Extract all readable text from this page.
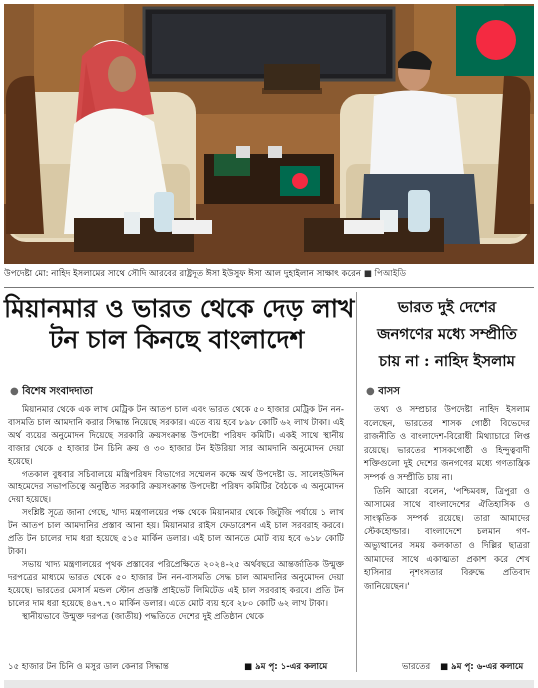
উপদেষ্টা মো: নাহিদ ইসলামের সাথে সৌদি আরবের রাষ্ট্রদূত ঈসা ইউসুফ ঈসা আল দুহাইলান সাক্ষাৎ করেন ■ পিআইডি
মিয়ানমার ও ভারত থেকে দেড় লাখ
টন চাল কিনছে বাংলাদেশ
● বিশেষ সংবাদদাতা

মিয়ানমার থেকে এক লাখ মেট্রিক টন আতপ চাল এবং ভারত থেকে ৫০ হাজার মেট্রিক টন নন-বাসমতি চাল আমদানি করার সিদ্ধান্ত নিয়েছে সরকার। এতে ব্যয় হবে ৮৯৮ কোটি ৬২ লাখ টাকা। এই অর্থ ব্যয়ের অনুমোদন দিয়েছে সরকারি ক্রয়সংক্রান্ত উপদেষ্টা পরিষদ কমিটি। একই সাথে স্থানীয় বাজার থেকে ৫ হাজার টন চিনি ক্রয় ও ৩০ হাজার টন ইউরিয়া সার আমদানি অনুমোদন দেয়া হয়েছে।

গতকাল বুধবার সচিবালয়ে মন্ত্রিপরিষদ বিভাগের সম্মেলন কক্ষে অর্থ উপদেষ্টা ড. সালেহউদ্দিন আহমেদের সভাপতিত্বে অনুষ্ঠিত সরকারি ক্রয়সংক্রান্ত উপদেষ্টা পরিষদ কমিটির বৈঠকে এ অনুমোদন দেয়া হয়েছে।

সংশ্লিষ্ট সূত্রে জানা গেছে, খাদ্য মন্ত্রণালয়ের পক্ষ থেকে মিয়ানমার থেকে জিটুজি পর্যায়ে ১ লাখ টন আতপ চাল আমদানির প্রস্তাব আনা হয়। মিয়ানমার রাইস ফেডারেশন এই চাল সরবরাহ করবে। প্রতি টন চালের দাম ধরা হয়েছে ৫১৫ মার্কিন ডলার। এই চাল আনতে মোট ব্যয় হবে ৬১৮ কোটি টাকা।

সভায় খাদ্য মন্ত্রণালয়ের পৃথক প্রস্তাবের পরিপ্রেক্ষিতে ২০২৪-২৫ অর্থবছরে আন্তর্জাতিক উন্মুক্ত দরপত্রের মাধ্যমে ভারত থেকে ৫০ হাজার টন নন-বাসমতি সেদ্ধ চাল আমদানির অনুমোদন দেয়া হয়েছে। ভারতের মেসার্স মন্ডল স্টোন প্রডাক্ট প্রাইভেট লিমিটেড এই চাল সরবরাহ করবে। প্রতি টন চালের দাম ধরা হয়েছে ৪৬৭.৭০ মার্কিন ডলার। এতে মোট ব্যয় হবে ২৮০ কোটি ৬২ লাখ টাকা।

স্থানীয়ভাবে উন্মুক্ত দরপত্র (জাতীয়) পদ্ধতিতে দেশের দুই প্রতিষ্ঠান থেকে

১৫ হাজার টন চিনি ও মসুর ডাল কেনার সিদ্ধান্ত	■ ৯ম পৃ: ১-এর কলামে
ভারত দুই দেশের
জনগণের মধ্যে সম্প্রীতি
চায় না : নাহিদ ইসলাম
● বাসস

তথ্য ও সম্প্রচার উপদেষ্টা নাহিদ ইসলাম বলেছেন, ভারতের শাসক গোষ্ঠী বিভেদের রাজনীতি ও বাংলাদেশ-বিরোধী মিথ্যাচারে লিপ্ত রয়েছে। ভারতের শাসকগোষ্ঠী ও হিন্দুত্ববাদী শক্তিগুলো দুই দেশের জনগণের মধ্যে গণতান্ত্রিক সম্পর্ক ও সম্প্রীতি চায় না।

তিনি আরো বলেন, 'পশ্চিমবঙ্গ, ত্রিপুরা ও আসামের সাথে বাংলাদেশের ঐতিহাসিক ও সাংস্কৃতিক সম্পর্ক রয়েছে। তারা আমাদের স্টেকহোল্ডার। বাংলাদেশে চলমান গণ-অভ্যুত্থানের সময় কলকাতা ও দিল্লির ছাত্ররা আমাদের সাথে একাত্মতা প্রকাশ করে শেখ হাসিনার নৃশংসতার বিরুদ্ধে প্রতিবাদ জানিয়েছেন।'

ভারতের ■ ৯ম পৃ: ৬-এর কলামে
